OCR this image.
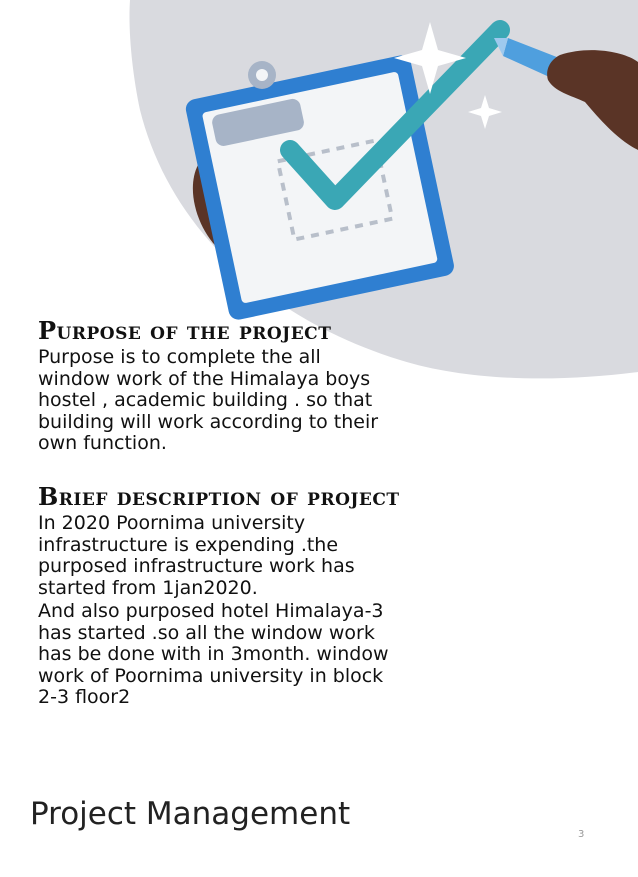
Purpose of the project

Purpose is to complete the all
window work of the Himalaya boys
hostel , academic building . so that
building will work according to their
own function.

Brief description of project

In 2020 Poornima university
infrastructure is expending .the
purposed infrastructure work has
started from 1jan2020.

And also purposed hotel Himalaya-3
has started .so all the window work
has be done with in 3month. window
work of Poornima university in block
2-3 floor2

Project Management
3
